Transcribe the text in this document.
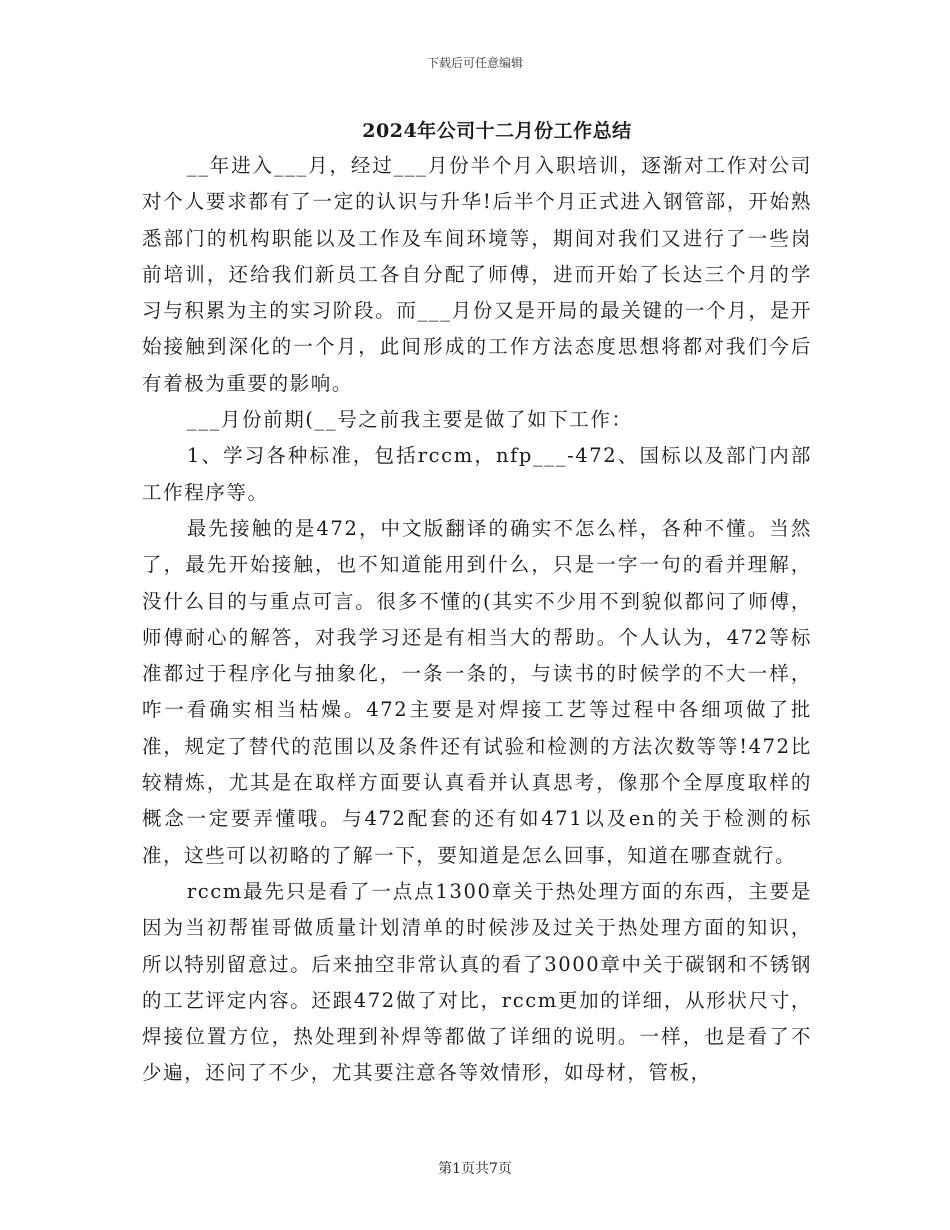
下载后可任意编辑
2024年公司十二月份工作总结

__年进入___月，经过___月份半个月入职培训，逐渐对工作对公司对个人要求都有了一定的认识与升华!后半个月正式进入钢管部，开始熟悉部门的机构职能以及工作及车间环境等，期间对我们又进行了一些岗前培训，还给我们新员工各自分配了师傅，进而开始了长达三个月的学习与积累为主的实习阶段。而___月份又是开局的最关键的一个月，是开始接触到深化的一个月，此间形成的工作方法态度思想将都对我们今后有着极为重要的影响。

___月份前期(__号之前我主要是做了如下工作：

1、学习各种标准，包括rccm，nfp___-472、国标以及部门内部工作程序等。

最先接触的是472，中文版翻译的确实不怎么样，各种不懂。当然了，最先开始接触，也不知道能用到什么，只是一字一句的看并理解，没什么目的与重点可言。很多不懂的(其实不少用不到貌似都问了师傅，师傅耐心的解答，对我学习还是有相当大的帮助。个人认为，472等标准都过于程序化与抽象化，一条一条的，与读书的时候学的不大一样，咋一看确实相当枯燥。472主要是对焊接工艺等过程中各细项做了批准，规定了替代的范围以及条件还有试验和检测的方法次数等等!472比较精炼，尤其是在取样方面要认真看并认真思考，像那个全厚度取样的概念一定要弄懂哦。与472配套的还有如471以及en的关于检测的标准，这些可以初略的了解一下，要知道是怎么回事，知道在哪查就行。

rccm最先只是看了一点点1300章关于热处理方面的东西，主要是因为当初帮崔哥做质量计划清单的时候涉及过关于热处理方面的知识，所以特别留意过。后来抽空非常认真的看了3000章中关于碳钢和不锈钢的工艺评定内容。还跟472做了对比，rccm更加的详细，从形状尺寸，焊接位置方位，热处理到补焊等都做了详细的说明。一样，也是看了不少遍，还问了不少，尤其要注意各等效情形，如母材，管板，

第1页共7页
